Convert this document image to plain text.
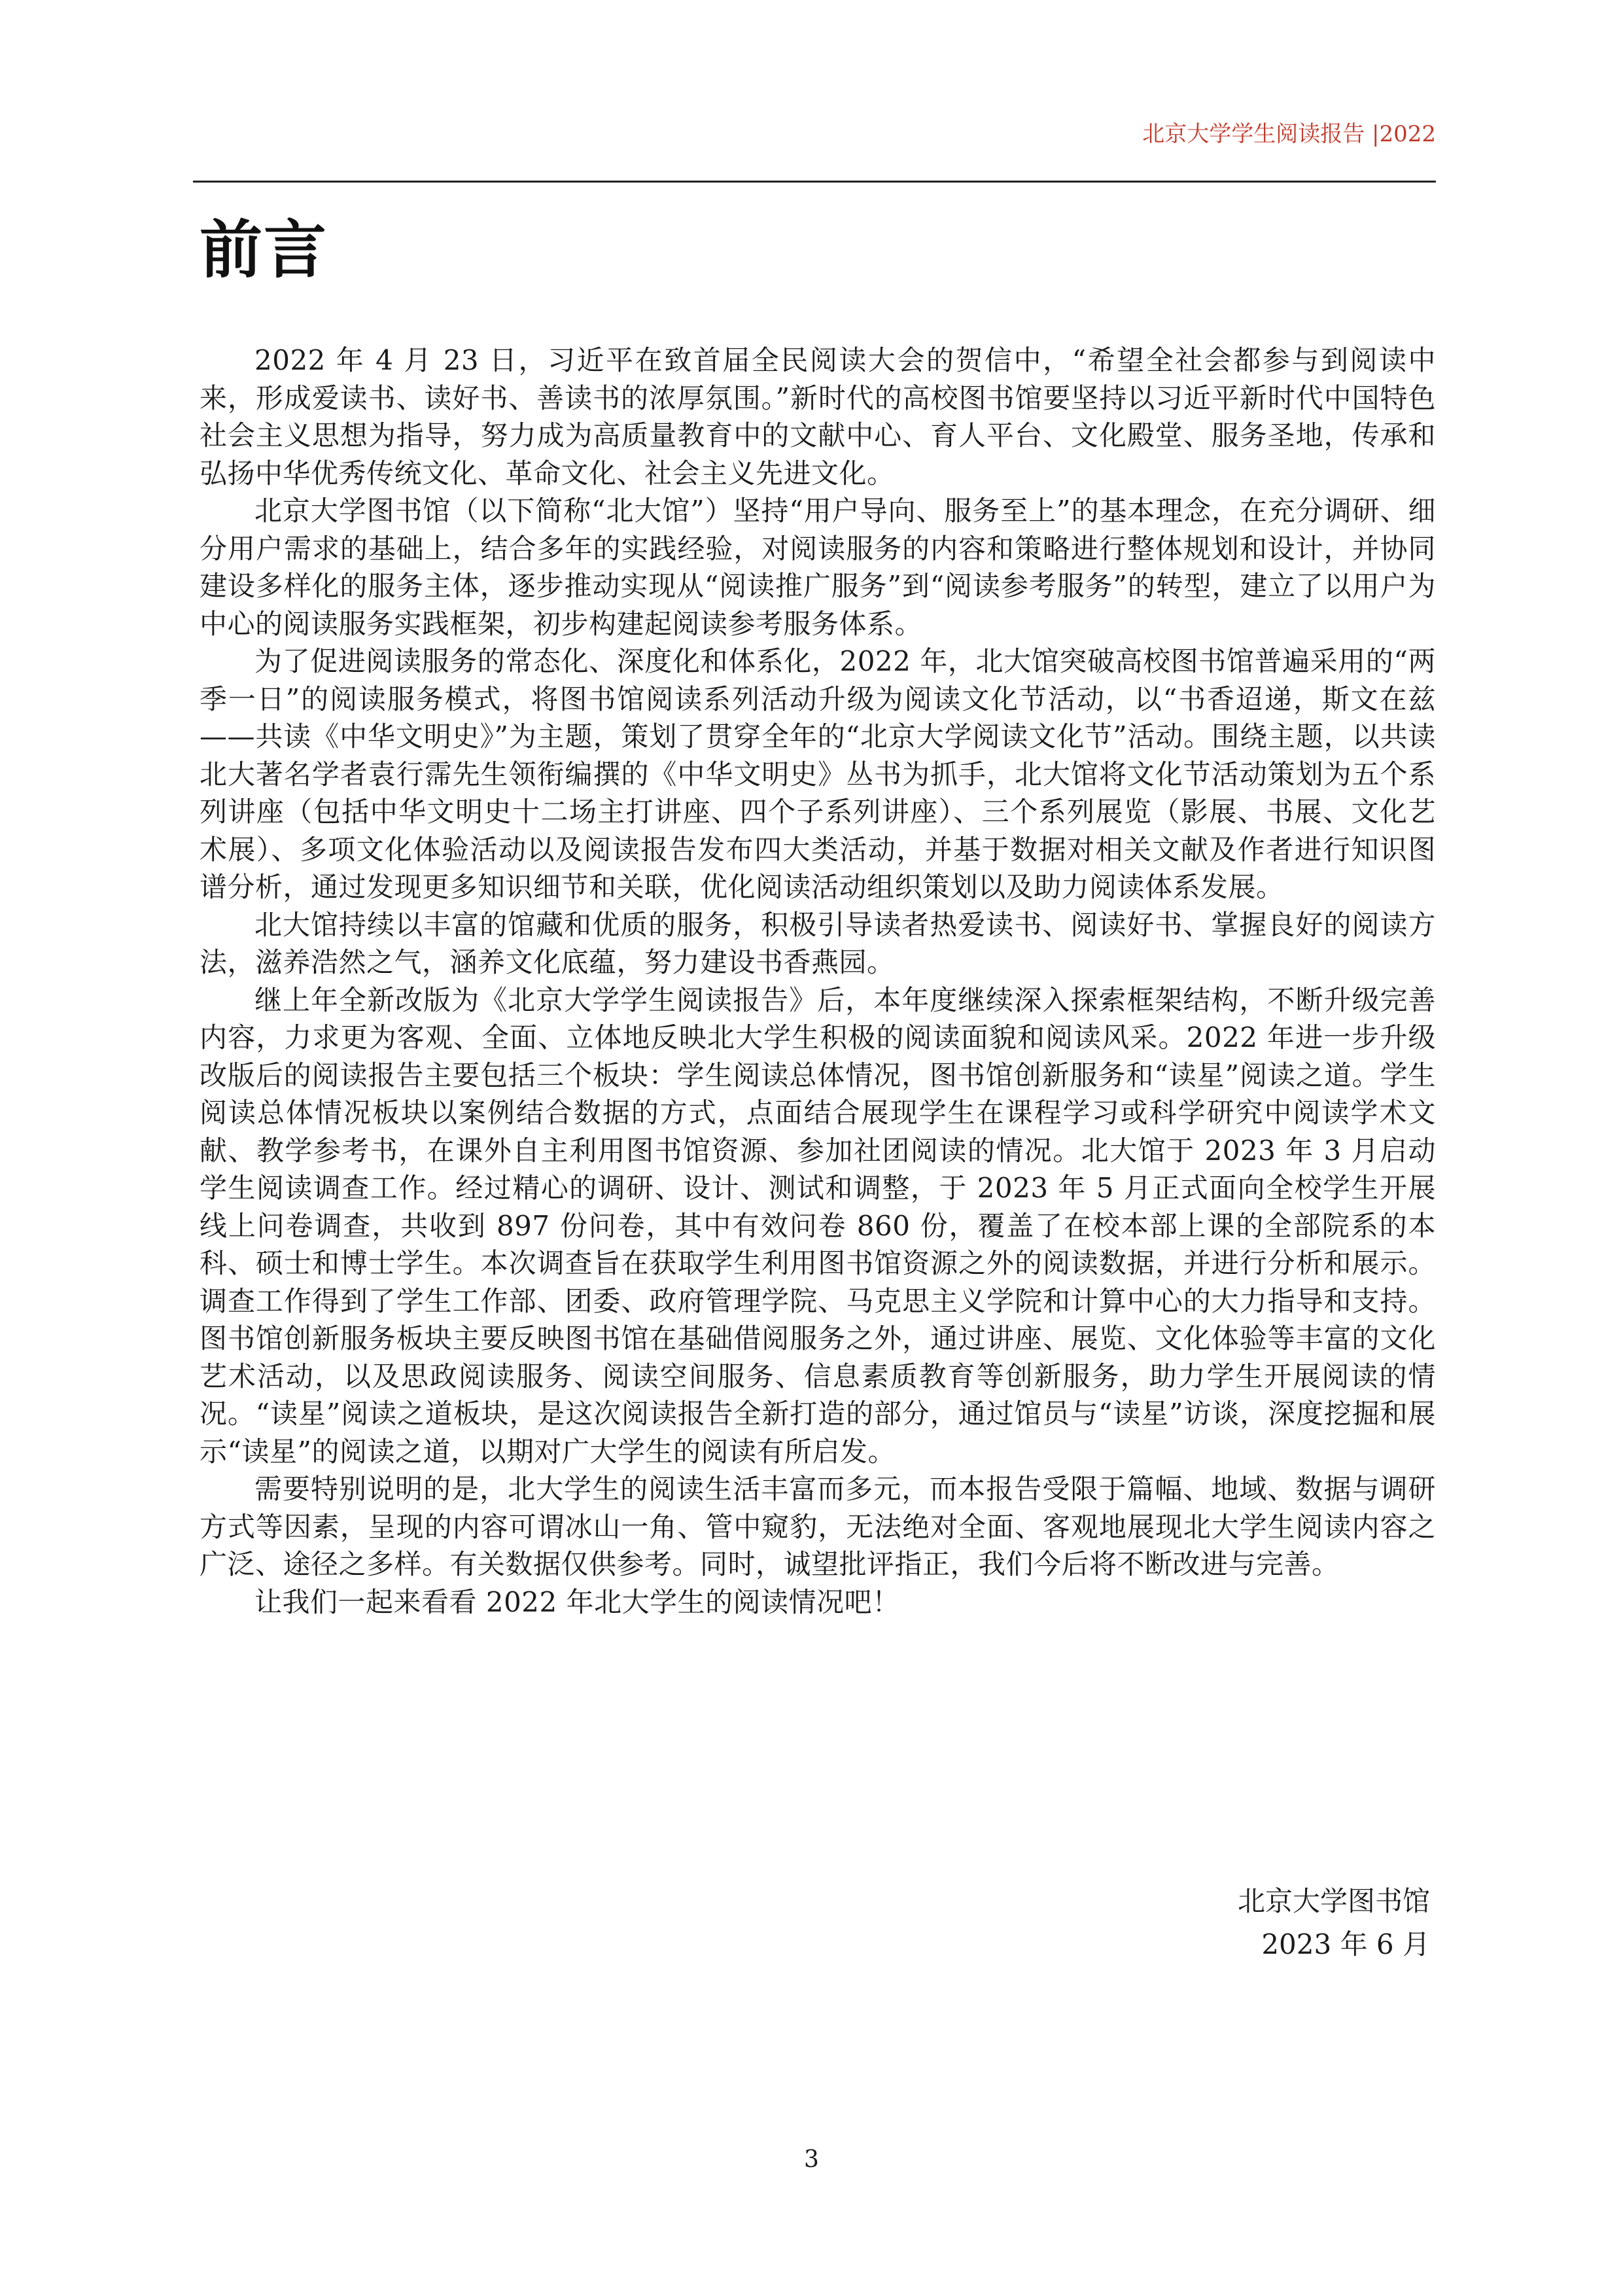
北京大学学生阅读报告 |2022
前言

2022 年 4 月 23 日，习近平在致首届全民阅读大会的贺信中，“希望全社会都参与到阅读中来，形成爱读书、读好书、善读书的浓厚氛围。”新时代的高校图书馆要坚持以习近平新时代中国特色社会主义思想为指导，努力成为高质量教育中的文献中心、育人平台、文化殿堂、服务圣地，传承和弘扬中华优秀传统文化、革命文化、社会主义先进文化。

北京大学图书馆（以下简称“北大馆”）坚持“用户导向、服务至上”的基本理念，在充分调研、细分用户需求的基础上，结合多年的实践经验，对阅读服务的内容和策略进行整体规划和设计，并协同建设多样化的服务主体，逐步推动实现从“阅读推广服务”到“阅读参考服务”的转型，建立了以用户为中心的阅读服务实践框架，初步构建起阅读参考服务体系。

为了促进阅读服务的常态化、深度化和体系化，2022 年，北大馆突破高校图书馆普遍采用的“两季一日”的阅读服务模式，将图书馆阅读系列活动升级为阅读文化节活动，以“书香迢递，斯文在兹——共读《中华文明史》”为主题，策划了贯穿全年的“北京大学阅读文化节”活动。围绕主题，以共读北大著名学者袁行霈先生领衔编撰的《中华文明史》丛书为抓手，北大馆将文化节活动策划为五个系列讲座（包括中华文明史十二场主打讲座、四个子系列讲座）、三个系列展览（影展、书展、文化艺术展）、多项文化体验活动以及阅读报告发布四大类活动，并基于数据对相关文献及作者进行知识图谱分析，通过发现更多知识细节和关联，优化阅读活动组织策划以及助力阅读体系发展。

北大馆持续以丰富的馆藏和优质的服务，积极引导读者热爱读书、阅读好书、掌握良好的阅读方法，滋养浩然之气，涵养文化底蕴，努力建设书香燕园。

继上年全新改版为《北京大学学生阅读报告》后，本年度继续深入探索框架结构，不断升级完善内容，力求更为客观、全面、立体地反映北大学生积极的阅读面貌和阅读风采。2022 年进一步升级改版后的阅读报告主要包括三个板块：学生阅读总体情况，图书馆创新服务和“读星”阅读之道。学生阅读总体情况板块以案例结合数据的方式，点面结合展现学生在课程学习或科学研究中阅读学术文献、教学参考书，在课外自主利用图书馆资源、参加社团阅读的情况。北大馆于 2023 年 3 月启动学生阅读调查工作。经过精心的调研、设计、测试和调整，于 2023 年 5 月正式面向全校学生开展线上问卷调查，共收到 897 份问卷，其中有效问卷 860 份，覆盖了在校本部上课的全部院系的本科、硕士和博士学生。本次调查旨在获取学生利用图书馆资源之外的阅读数据，并进行分析和展示。调查工作得到了学生工作部、团委、政府管理学院、马克思主义学院和计算中心的大力指导和支持。图书馆创新服务板块主要反映图书馆在基础借阅服务之外，通过讲座、展览、文化体验等丰富的文化艺术活动，以及思政阅读服务、阅读空间服务、信息素质教育等创新服务，助力学生开展阅读的情况。“读星”阅读之道板块，是这次阅读报告全新打造的部分，通过馆员与“读星”访谈，深度挖掘和展示“读星”的阅读之道，以期对广大学生的阅读有所启发。

需要特别说明的是，北大学生的阅读生活丰富而多元，而本报告受限于篇幅、地域、数据与调研方式等因素，呈现的内容可谓冰山一角、管中窥豹，无法绝对全面、客观地展现北大学生阅读内容之广泛、途径之多样。有关数据仅供参考。同时，诚望批评指正，我们今后将不断改进与完善。

让我们一起来看看 2022 年北大学生的阅读情况吧！

北京大学图书馆
2023 年 6 月
3
